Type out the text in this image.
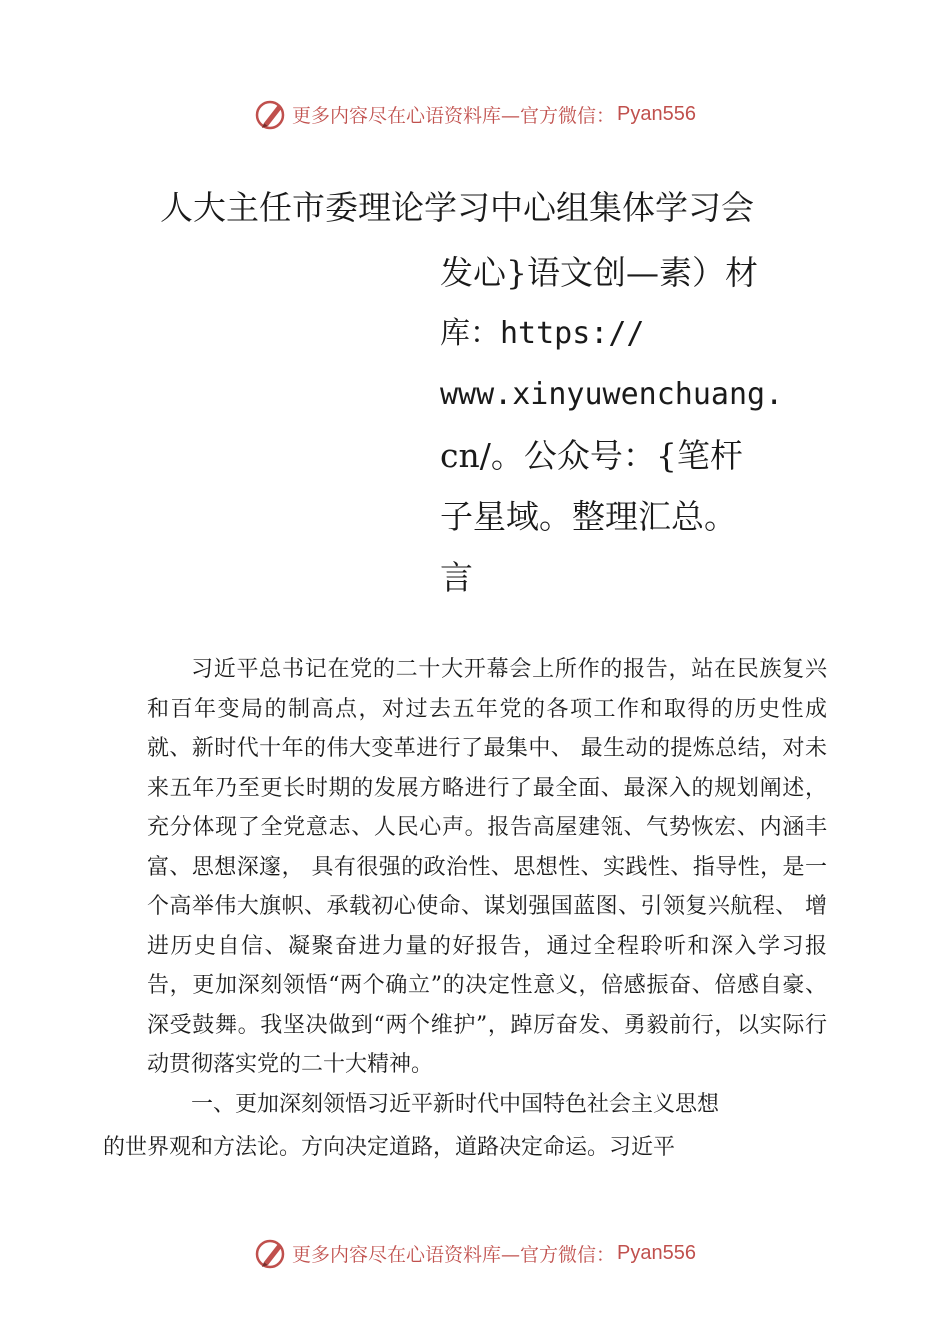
更多内容尽在心语资料库—官方微信： Pyan556
人大主任市委理论学习中心组集体学习会
发心}语文创—素）材
库：https://
www.xinyuwenchuang.
cn/。公众号：{笔杆
子星域。整理汇总。
言

习近平总书记在党的二十大开幕会上所作的报告，站在民族复兴和百年变局的制高点，对过去五年党的各项工作和取得的历史性成就、新时代十年的伟大变革进行了最集中、 最生动的提炼总结，对未来五年乃至更长时期的发展方略进行了最全面、最深入的规划阐述，充分体现了全党意志、人民心声。报告高屋建瓴、气势恢宏、内涵丰富、思想深邃， 具有很强的政治性、思想性、实践性、指导性，是一个高举伟大旗帜、承载初心使命、谋划强国蓝图、引领复兴航程、 增进历史自信、凝聚奋进力量的好报告，通过全程聆听和深入学习报告，更加深刻领悟“两个确立”的决定性意义，倍感振奋、倍感自豪、深受鼓舞。我坚决做到“两个维护”，踔厉奋发、勇毅前行，以实际行动贯彻落实党的二十大精神。

一、更加深刻领悟习近平新时代中国特色社会主义思想
的世界观和方法论。方向决定道路，道路决定命运。习近平

更多内容尽在心语资料库—官方微信： Pyan556
